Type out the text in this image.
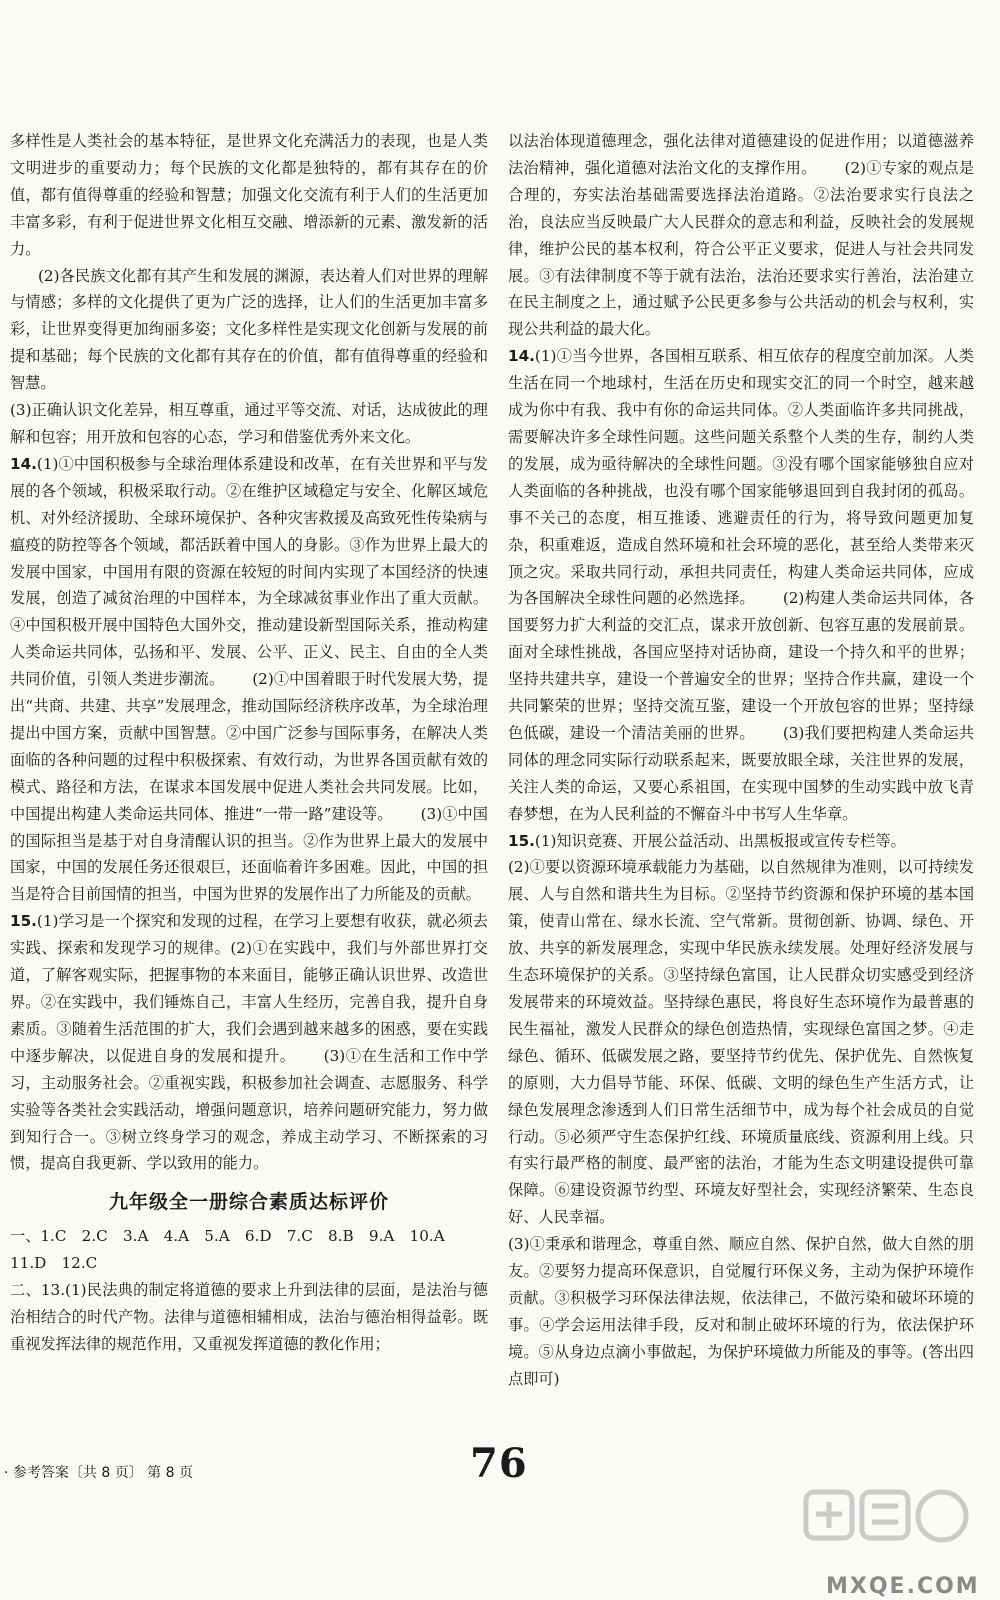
多样性是人类社会的基本特征，是世界文化充满活力的表现，也是人类文明进步的重要动力；每个民族的文化都是独特的，都有其存在的价值，都有值得尊重的经验和智慧；加强文化交流有利于人们的生活更加丰富多彩，有利于促进世界文化相互交融、增添新的元素、激发新的活力。

(2)各民族文化都有其产生和发展的渊源，表达着人们对世界的理解与情感；多样的文化提供了更为广泛的选择，让人们的生活更加丰富多彩，让世界变得更加绚丽多姿；文化多样性是实现文化创新与发展的前提和基础；每个民族的文化都有其存在的价值，都有值得尊重的经验和智慧。

(3)正确认识文化差异，相互尊重，通过平等交流、对话，达成彼此的理解和包容；用开放和包容的心态，学习和借鉴优秀外来文化。

14.(1)①中国积极参与全球治理体系建设和改革，在有关世界和平与发展的各个领域，积极采取行动。②在维护区域稳定与安全、化解区域危机、对外经济援助、全球环境保护、各种灾害救援及高致死性传染病与瘟疫的防控等各个领域，都活跃着中国人的身影。③作为世界上最大的发展中国家，中国用有限的资源在较短的时间内实现了本国经济的快速发展，创造了减贫治理的中国样本，为全球减贫事业作出了重大贡献。④中国积极开展中国特色大国外交，推动建设新型国际关系，推动构建人类命运共同体，弘扬和平、发展、公平、正义、民主、自由的全人类共同价值，引领人类进步潮流。 (2)①中国着眼于时代发展大势，提出“共商、共建、共享”发展理念，推动国际经济秩序改革，为全球治理提出中国方案，贡献中国智慧。②中国广泛参与国际事务，在解决人类面临的各种问题的过程中积极探索、有效行动，为世界各国贡献有效的模式、路径和方法，在谋求本国发展中促进人类社会共同发展。比如，中国提出构建人类命运共同体、推进“一带一路”建设等。 (3)①中国的国际担当是基于对自身清醒认识的担当。②作为世界上最大的发展中国家，中国的发展任务还很艰巨，还面临着许多困难。因此，中国的担当是符合目前国情的担当，中国为世界的发展作出了力所能及的贡献。

15.(1)学习是一个探究和发现的过程，在学习上要想有收获，就必须去实践、探索和发现学习的规律。(2)①在实践中，我们与外部世界打交道，了解客观实际，把握事物的本来面目，能够正确认识世界、改造世界。②在实践中，我们锤炼自己，丰富人生经历，完善自我，提升自身素质。③随着生活范围的扩大，我们会遇到越来越多的困惑，要在实践中逐步解决，以促进自身的发展和提升。 (3)①在生活和工作中学习，主动服务社会。②重视实践，积极参加社会调查、志愿服务、科学实验等各类社会实践活动，增强问题意识，培养问题研究能力，努力做到知行合一。③树立终身学习的观念，养成主动学习、不断探索的习惯，提高自我更新、学以致用的能力。

九年级全一册综合素质达标评价

一、1.C　2.C　3.A　4.A　5.A　6.D　7.C　8.B　9.A　10.A

11.D　12.C

二、13.(1)民法典的制定将道德的要求上升到法律的层面，是法治与德治相结合的时代产物。法律与道德相辅相成，法治与德治相得益彰。既重视发挥法律的规范作用，又重视发挥道德的教化作用；

以法治体现道德理念，强化法律对道德建设的促进作用；以道德滋养法治精神，强化道德对法治文化的支撑作用。 (2)①专家的观点是合理的，夯实法治基础需要选择法治道路。②法治要求实行良法之治，良法应当反映最广大人民群众的意志和利益，反映社会的发展规律，维护公民的基本权利，符合公平正义要求，促进人与社会共同发展。③有法律制度不等于就有法治，法治还要求实行善治，法治建立在民主制度之上，通过赋予公民更多参与公共活动的机会与权利，实现公共利益的最大化。

14.(1)①当今世界，各国相互联系、相互依存的程度空前加深。人类生活在同一个地球村，生活在历史和现实交汇的同一个时空，越来越成为你中有我、我中有你的命运共同体。②人类面临许多共同挑战，需要解决许多全球性问题。这些问题关系整个人类的生存，制约人类的发展，成为亟待解决的全球性问题。③没有哪个国家能够独自应对人类面临的各种挑战，也没有哪个国家能够退回到自我封闭的孤岛。事不关己的态度，相互推诿、逃避责任的行为，将导致问题更加复杂，积重难返，造成自然环境和社会环境的恶化，甚至给人类带来灭顶之灾。采取共同行动，承担共同责任，构建人类命运共同体，应成为各国解决全球性问题的必然选择。 (2)构建人类命运共同体，各国要努力扩大利益的交汇点，谋求开放创新、包容互惠的发展前景。面对全球性挑战，各国应坚持对话协商，建设一个持久和平的世界；坚持共建共享，建设一个普遍安全的世界；坚持合作共赢，建设一个共同繁荣的世界；坚持交流互鉴，建设一个开放包容的世界；坚持绿色低碳，建设一个清洁美丽的世界。 (3)我们要把构建人类命运共同体的理念同实际行动联系起来，既要放眼全球，关注世界的发展，关注人类的命运，又要心系祖国，在实现中国梦的生动实践中放飞青春梦想，在为人民利益的不懈奋斗中书写人生华章。

15.(1)知识竞赛、开展公益活动、出黑板报或宣传专栏等。

(2)①要以资源环境承载能力为基础，以自然规律为准则，以可持续发展、人与自然和谐共生为目标。②坚持节约资源和保护环境的基本国策，使青山常在、绿水长流、空气常新。贯彻创新、协调、绿色、开放、共享的新发展理念，实现中华民族永续发展。处理好经济发展与生态环境保护的关系。③坚持绿色富国，让人民群众切实感受到经济发展带来的环境效益。坚持绿色惠民，将良好生态环境作为最普惠的民生福祉，激发人民群众的绿色创造热情，实现绿色富国之梦。④走绿色、循环、低碳发展之路，要坚持节约优先、保护优先、自然恢复的原则，大力倡导节能、环保、低碳、文明的绿色生产生活方式，让绿色发展理念渗透到人们日常生活细节中，成为每个社会成员的自觉行动。⑤必须严守生态保护红线、环境质量底线、资源利用上线。只有实行最严格的制度、最严密的法治，才能为生态文明建设提供可靠保障。⑥建设资源节约型、环境友好型社会，实现经济繁荣、生态良好、人民幸福。

(3)①秉承和谐理念，尊重自然、顺应自然、保护自然，做大自然的朋友。②要努力提高环保意识，自觉履行环保义务，主动为保护环境作贡献。③积极学习环保法律法规，依法律己，不做污染和破坏环境的事。④学会运用法律手段，反对和制止破坏环境的行为，依法保护环境。⑤从身边点滴小事做起，为保护环境做力所能及的事等。(答出四点即可)

· 参考答案〔共 8 页〕 第 8 页	76
MXQE.COM
